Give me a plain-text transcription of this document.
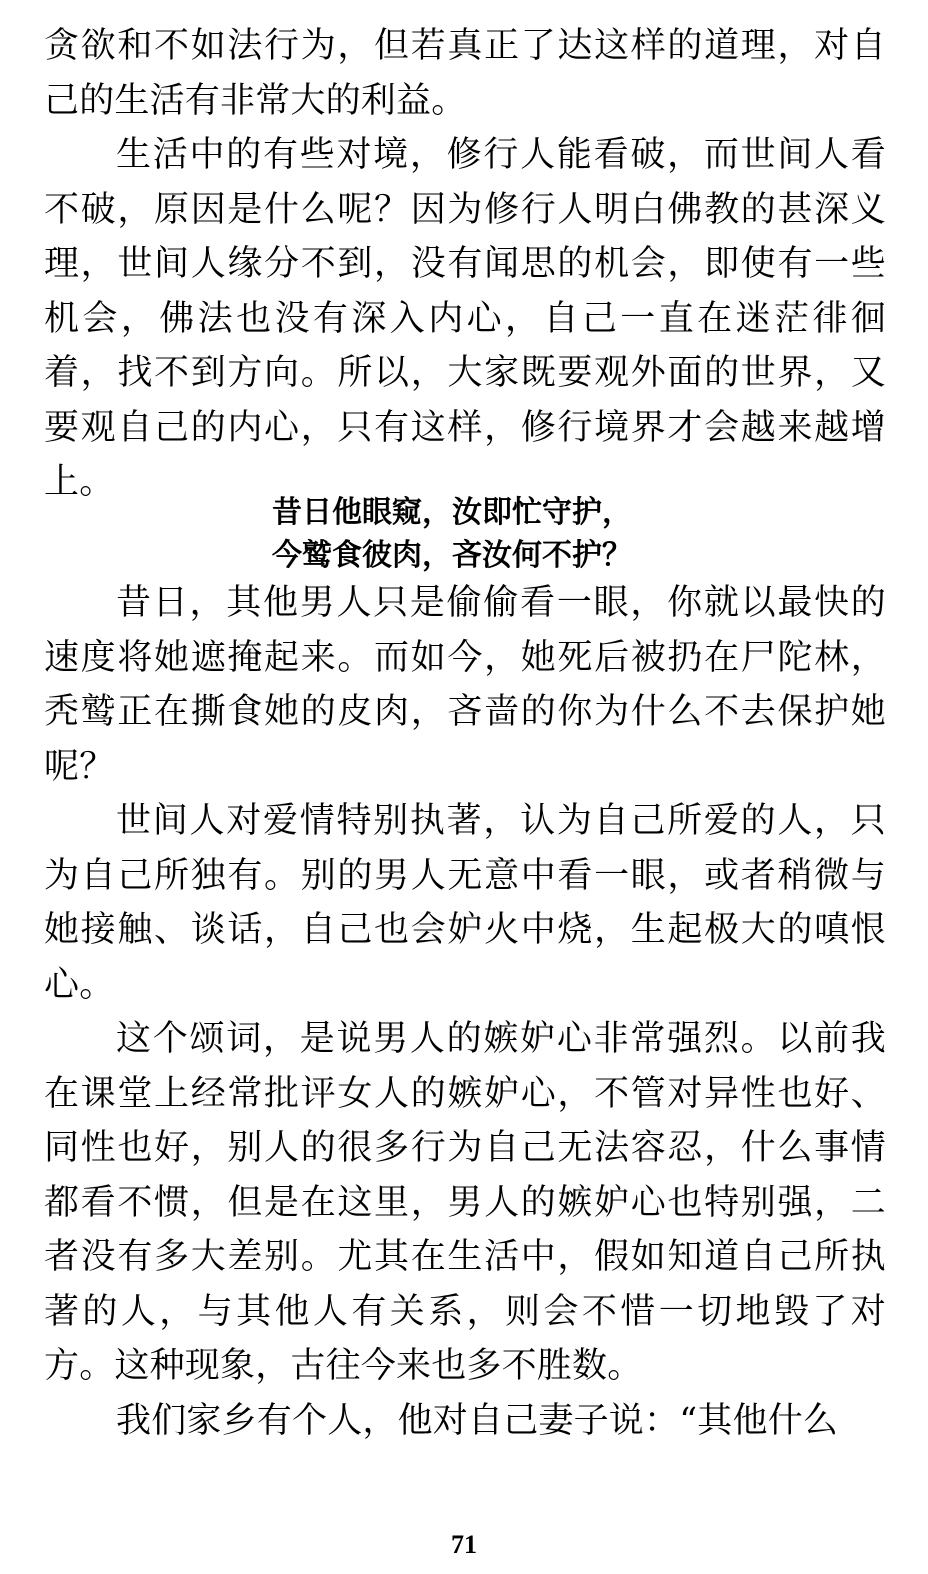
贪欲和不如法行为，但若真正了达这样的道理，对自己的生活有非常大的利益。

生活中的有些对境，修行人能看破，而世间人看不破，原因是什么呢？因为修行人明白佛教的甚深义理，世间人缘分不到，没有闻思的机会，即使有一些机会，佛法也没有深入内心，自己一直在迷茫徘徊着，找不到方向。所以，大家既要观外面的世界，又要观自己的内心，只有这样，修行境界才会越来越增上。

昔日他眼窥，汝即忙守护，
今鹫食彼肉，吝汝何不护？

昔日，其他男人只是偷偷看一眼，你就以最快的速度将她遮掩起来。而如今，她死后被扔在尸陀林，秃鹫正在撕食她的皮肉，吝啬的你为什么不去保护她呢？

世间人对爱情特别执著，认为自己所爱的人，只为自己所独有。别的男人无意中看一眼，或者稍微与她接触、谈话，自己也会妒火中烧，生起极大的嗔恨心。

这个颂词，是说男人的嫉妒心非常强烈。以前我在课堂上经常批评女人的嫉妒心，不管对异性也好、同性也好，别人的很多行为自己无法容忍，什么事情都看不惯，但是在这里，男人的嫉妒心也特别强，二者没有多大差别。尤其在生活中，假如知道自己所执著的人，与其他人有关系，则会不惜一切地毁了对方。这种现象，古往今来也多不胜数。

我们家乡有个人，他对自己妻子说：“其他什么

71
